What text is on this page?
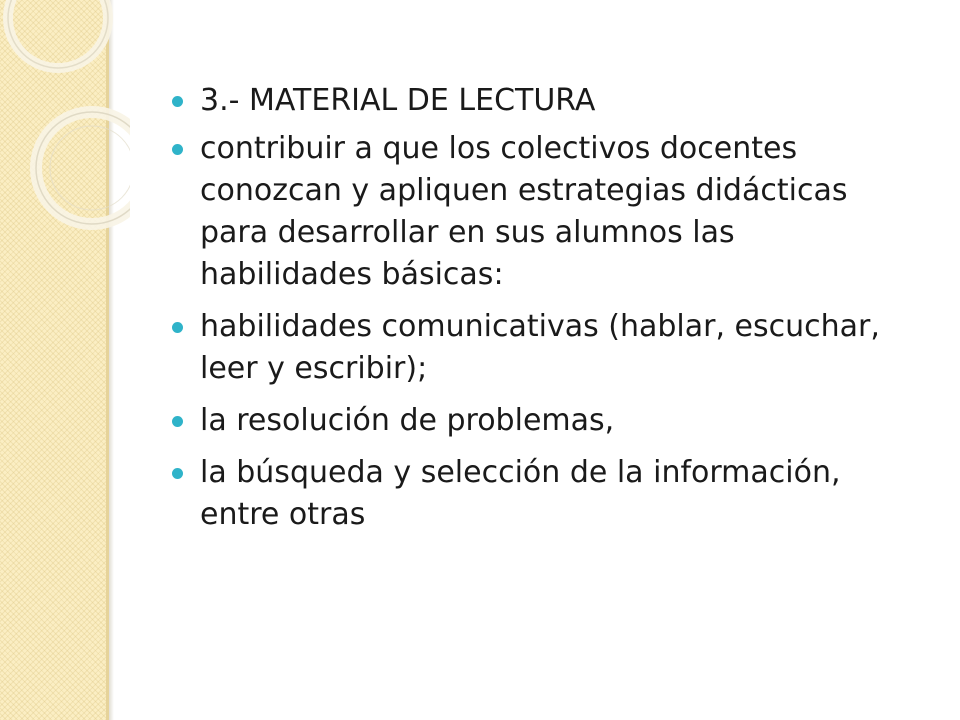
3.- MATERIAL DE LECTURA
contribuir a que los colectivos docentes conozcan y apliquen estrategias didácticas para desarrollar en sus alumnos las habilidades básicas:
habilidades comunicativas (hablar, escuchar, leer y escribir);
la resolución de problemas,
la búsqueda y selección de la información, entre otras
